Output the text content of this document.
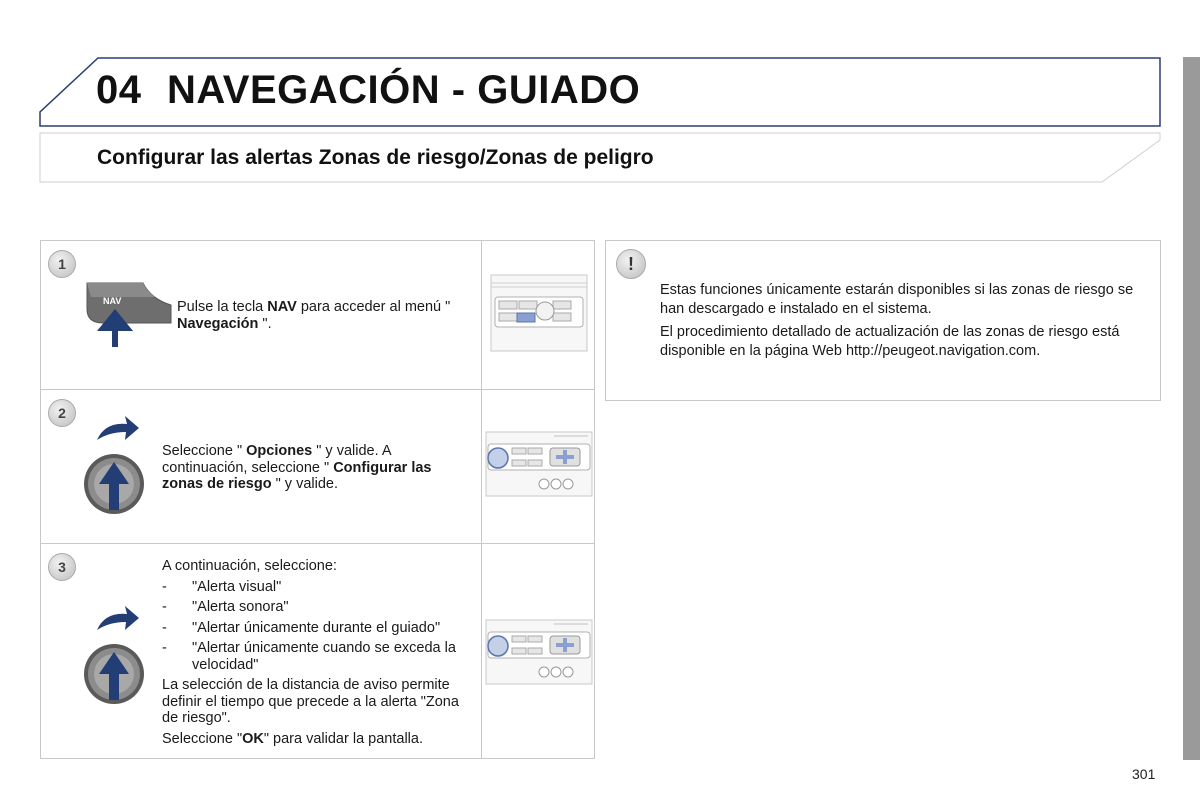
04 NAVEGACIÓN - GUIADO
Configurar las alertas Zonas de riesgo/Zonas de peligro
1
NAV	Pulse la tecla NAV para acceder al menú " Navegación ".
2
Seleccione " Opciones " y valide. A continuación, seleccione " Configurar las zonas de riesgo " y valide.
3	A continuación, seleccione:

- "Alerta visual"
- "Alerta sonora"
- "Alertar únicamente durante el guiado"
- "Alertar únicamente cuando se exceda la velocidad"

La selección de la distancia de aviso permite definir el tiempo que precede a la alerta "Zona de riesgo".

Seleccione "OK" para validar la pantalla.

!

Estas funciones únicamente estarán disponibles si las zonas de riesgo se han descargado e instalado en el sistema.

El procedimiento detallado de actualización de las zonas de riesgo está disponible en la página Web http://peugeot.navigation.com.

301
